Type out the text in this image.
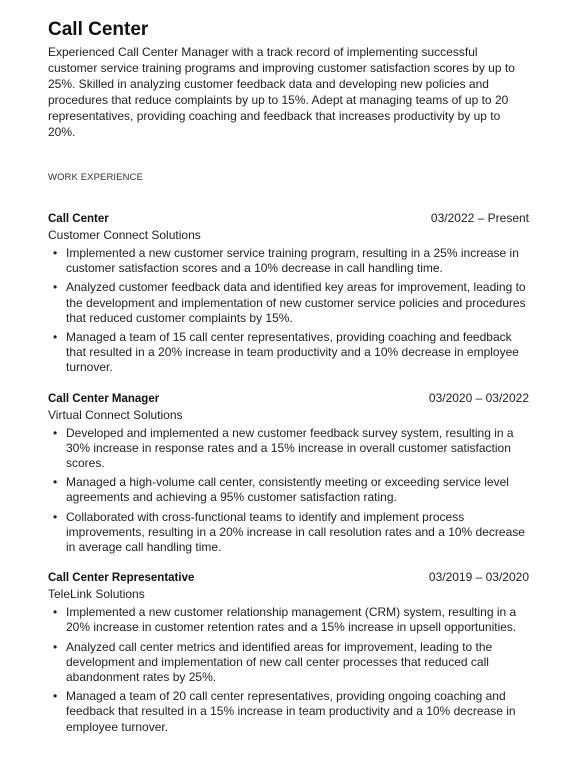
Call Center

Experienced Call Center Manager with a track record of implementing successful customer service training programs and improving customer satisfaction scores by up to 25%. Skilled in analyzing customer feedback data and developing new policies and procedures that reduce complaints by up to 15%. Adept at managing teams of up to 20 representatives, providing coaching and feedback that increases productivity by up to 20%.

WORK EXPERIENCE
Call Center	03/2022 – Present
Customer Connect Solutions
• Implemented a new customer service training program, resulting in a 25% increase in customer satisfaction scores and a 10% decrease in call handling time.
• Analyzed customer feedback data and identified key areas for improvement, leading to the development and implementation of new customer service policies and procedures that reduced customer complaints by 15%.
• Managed a team of 15 call center representatives, providing coaching and feedback that resulted in a 20% increase in team productivity and a 10% decrease in employee turnover.
Call Center Manager	03/2020 – 03/2022
Virtual Connect Solutions
• Developed and implemented a new customer feedback survey system, resulting in a 30% increase in response rates and a 15% increase in overall customer satisfaction scores.
• Managed a high-volume call center, consistently meeting or exceeding service level agreements and achieving a 95% customer satisfaction rating.
• Collaborated with cross-functional teams to identify and implement process improvements, resulting in a 20% increase in call resolution rates and a 10% decrease in average call handling time.
Call Center Representative	03/2019 – 03/2020
TeleLink Solutions
• Implemented a new customer relationship management (CRM) system, resulting in a 20% increase in customer retention rates and a 15% increase in upsell opportunities.
• Analyzed call center metrics and identified areas for improvement, leading to the development and implementation of new call center processes that reduced call abandonment rates by 25%.
• Managed a team of 20 call center representatives, providing ongoing coaching and feedback that resulted in a 15% increase in team productivity and a 10% decrease in employee turnover.
